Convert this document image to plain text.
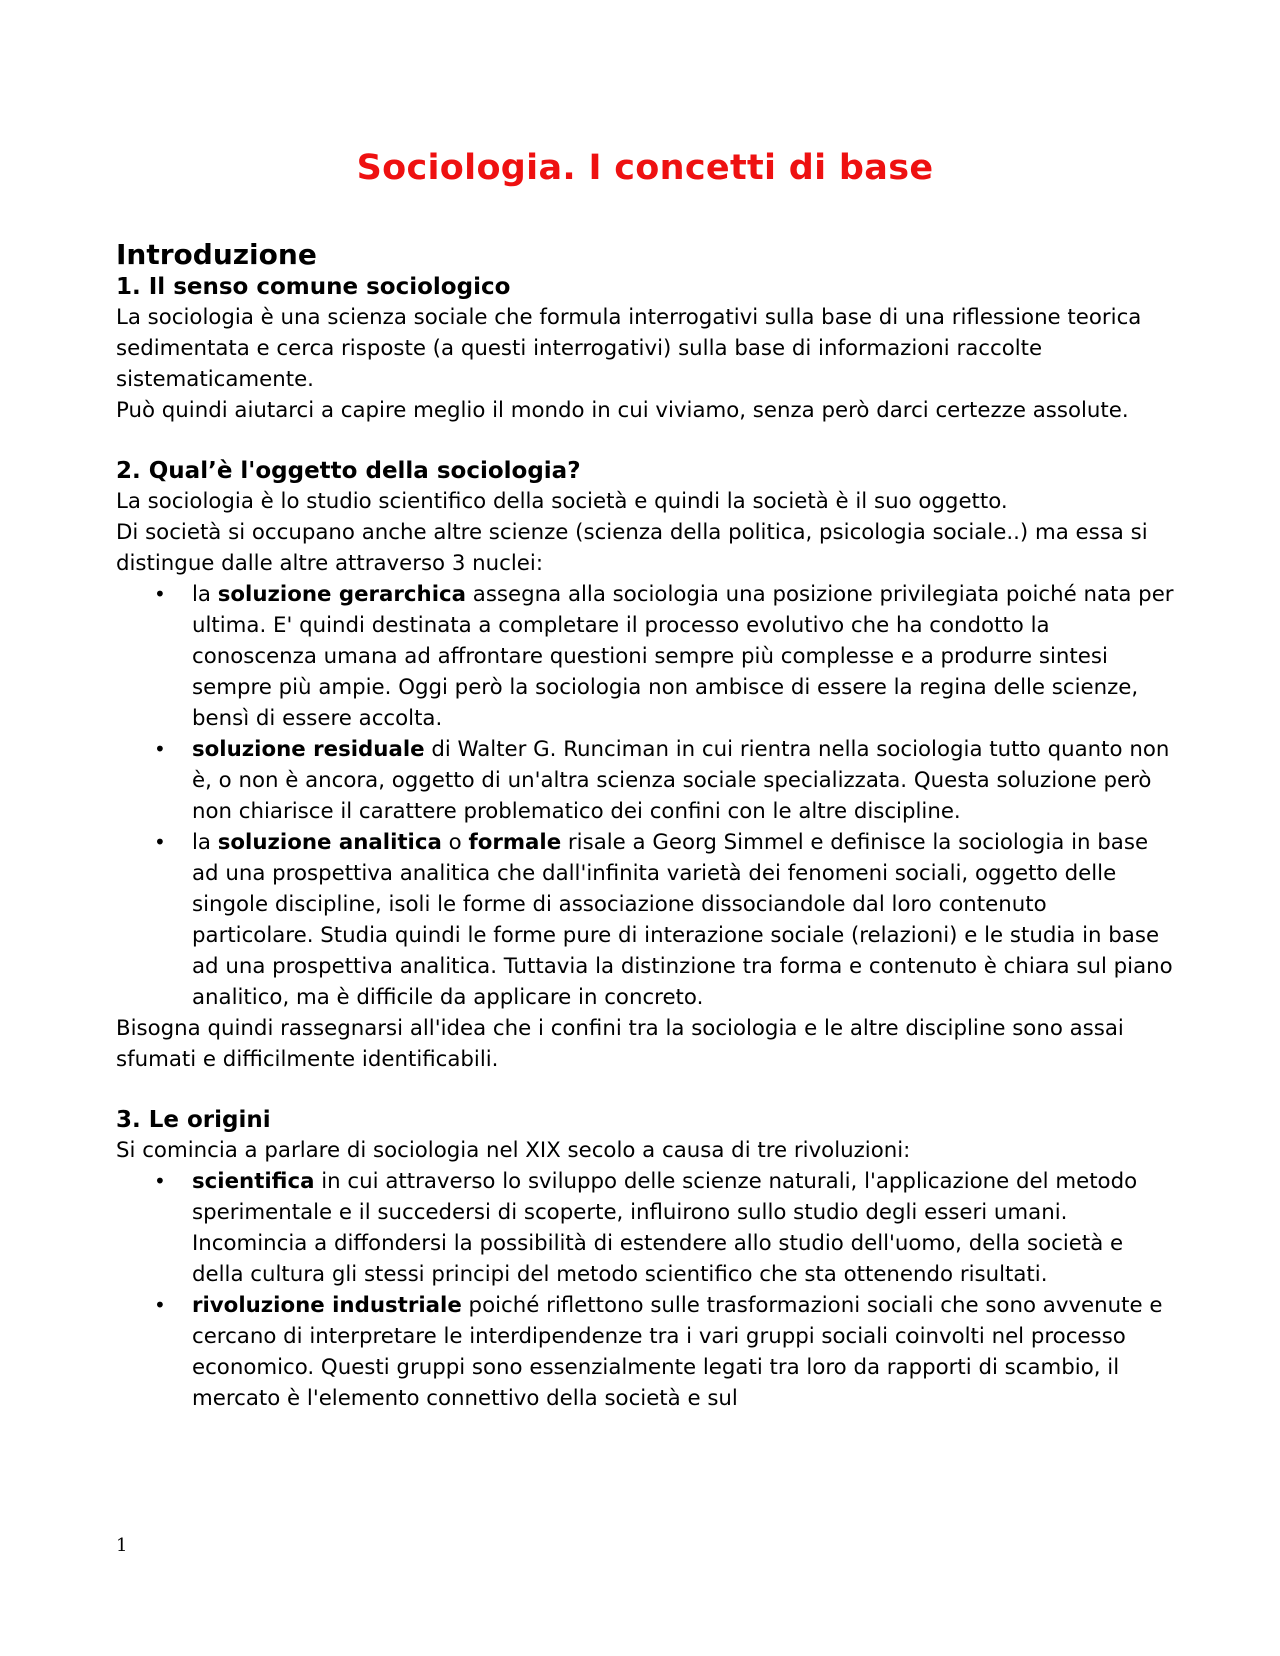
Sociologia. I concetti di base
Introduzione
1. Il senso comune sociologico

La sociologia è una scienza sociale che formula interrogativi sulla base di una riflessione teorica sedimentata e cerca risposte (a questi interrogativi) sulla base di informazioni raccolte sistematicamente.

Può quindi aiutarci a capire meglio il mondo in cui viviamo, senza però darci certezze assolute.

2. Qual’è l'oggetto della sociologia?

La sociologia è lo studio scientifico della società e quindi la società è il suo oggetto.

Di società si occupano anche altre scienze (scienza della politica, psicologia sociale..) ma essa si distingue dalle altre attraverso 3 nuclei:

• la soluzione gerarchica assegna alla sociologia una posizione privilegiata poiché nata per ultima. E' quindi destinata a completare il processo evolutivo che ha condotto la conoscenza umana ad affrontare questioni sempre più complesse e a produrre sintesi sempre più ampie. Oggi però la sociologia non ambisce di essere la regina delle scienze, bensì di essere accolta.
• soluzione residuale di Walter G. Runciman in cui rientra nella sociologia tutto quanto non è, o non è ancora, oggetto di un'altra scienza sociale specializzata. Questa soluzione però non chiarisce il carattere problematico dei confini con le altre discipline.
• la soluzione analitica o formale risale a Georg Simmel e definisce la sociologia in base ad una prospettiva analitica che dall'infinita varietà dei fenomeni sociali, oggetto delle singole discipline, isoli le forme di associazione dissociandole dal loro contenuto particolare. Studia quindi le forme pure di interazione sociale (relazioni) e le studia in base ad una prospettiva analitica. Tuttavia la distinzione tra forma e contenuto è chiara sul piano analitico, ma è difficile da applicare in concreto.

Bisogna quindi rassegnarsi all'idea che i confini tra la sociologia e le altre discipline sono assai sfumati e difficilmente identificabili.

3. Le origini

Si comincia a parlare di sociologia nel XIX secolo a causa di tre rivoluzioni:

• scientifica in cui attraverso lo sviluppo delle scienze naturali, l'applicazione del metodo sperimentale e il succedersi di scoperte, influirono sullo studio degli esseri umani. Incomincia a diffondersi la possibilità di estendere allo studio dell'uomo, della società e della cultura gli stessi principi del metodo scientifico che sta ottenendo risultati.
• rivoluzione industriale poiché riflettono sulle trasformazioni sociali che sono avvenute e cercano di interpretare le interdipendenze tra i vari gruppi sociali coinvolti nel processo economico. Questi gruppi sono essenzialmente legati tra loro da rapporti di scambio, il mercato è l'elemento connettivo della società e sul
1
